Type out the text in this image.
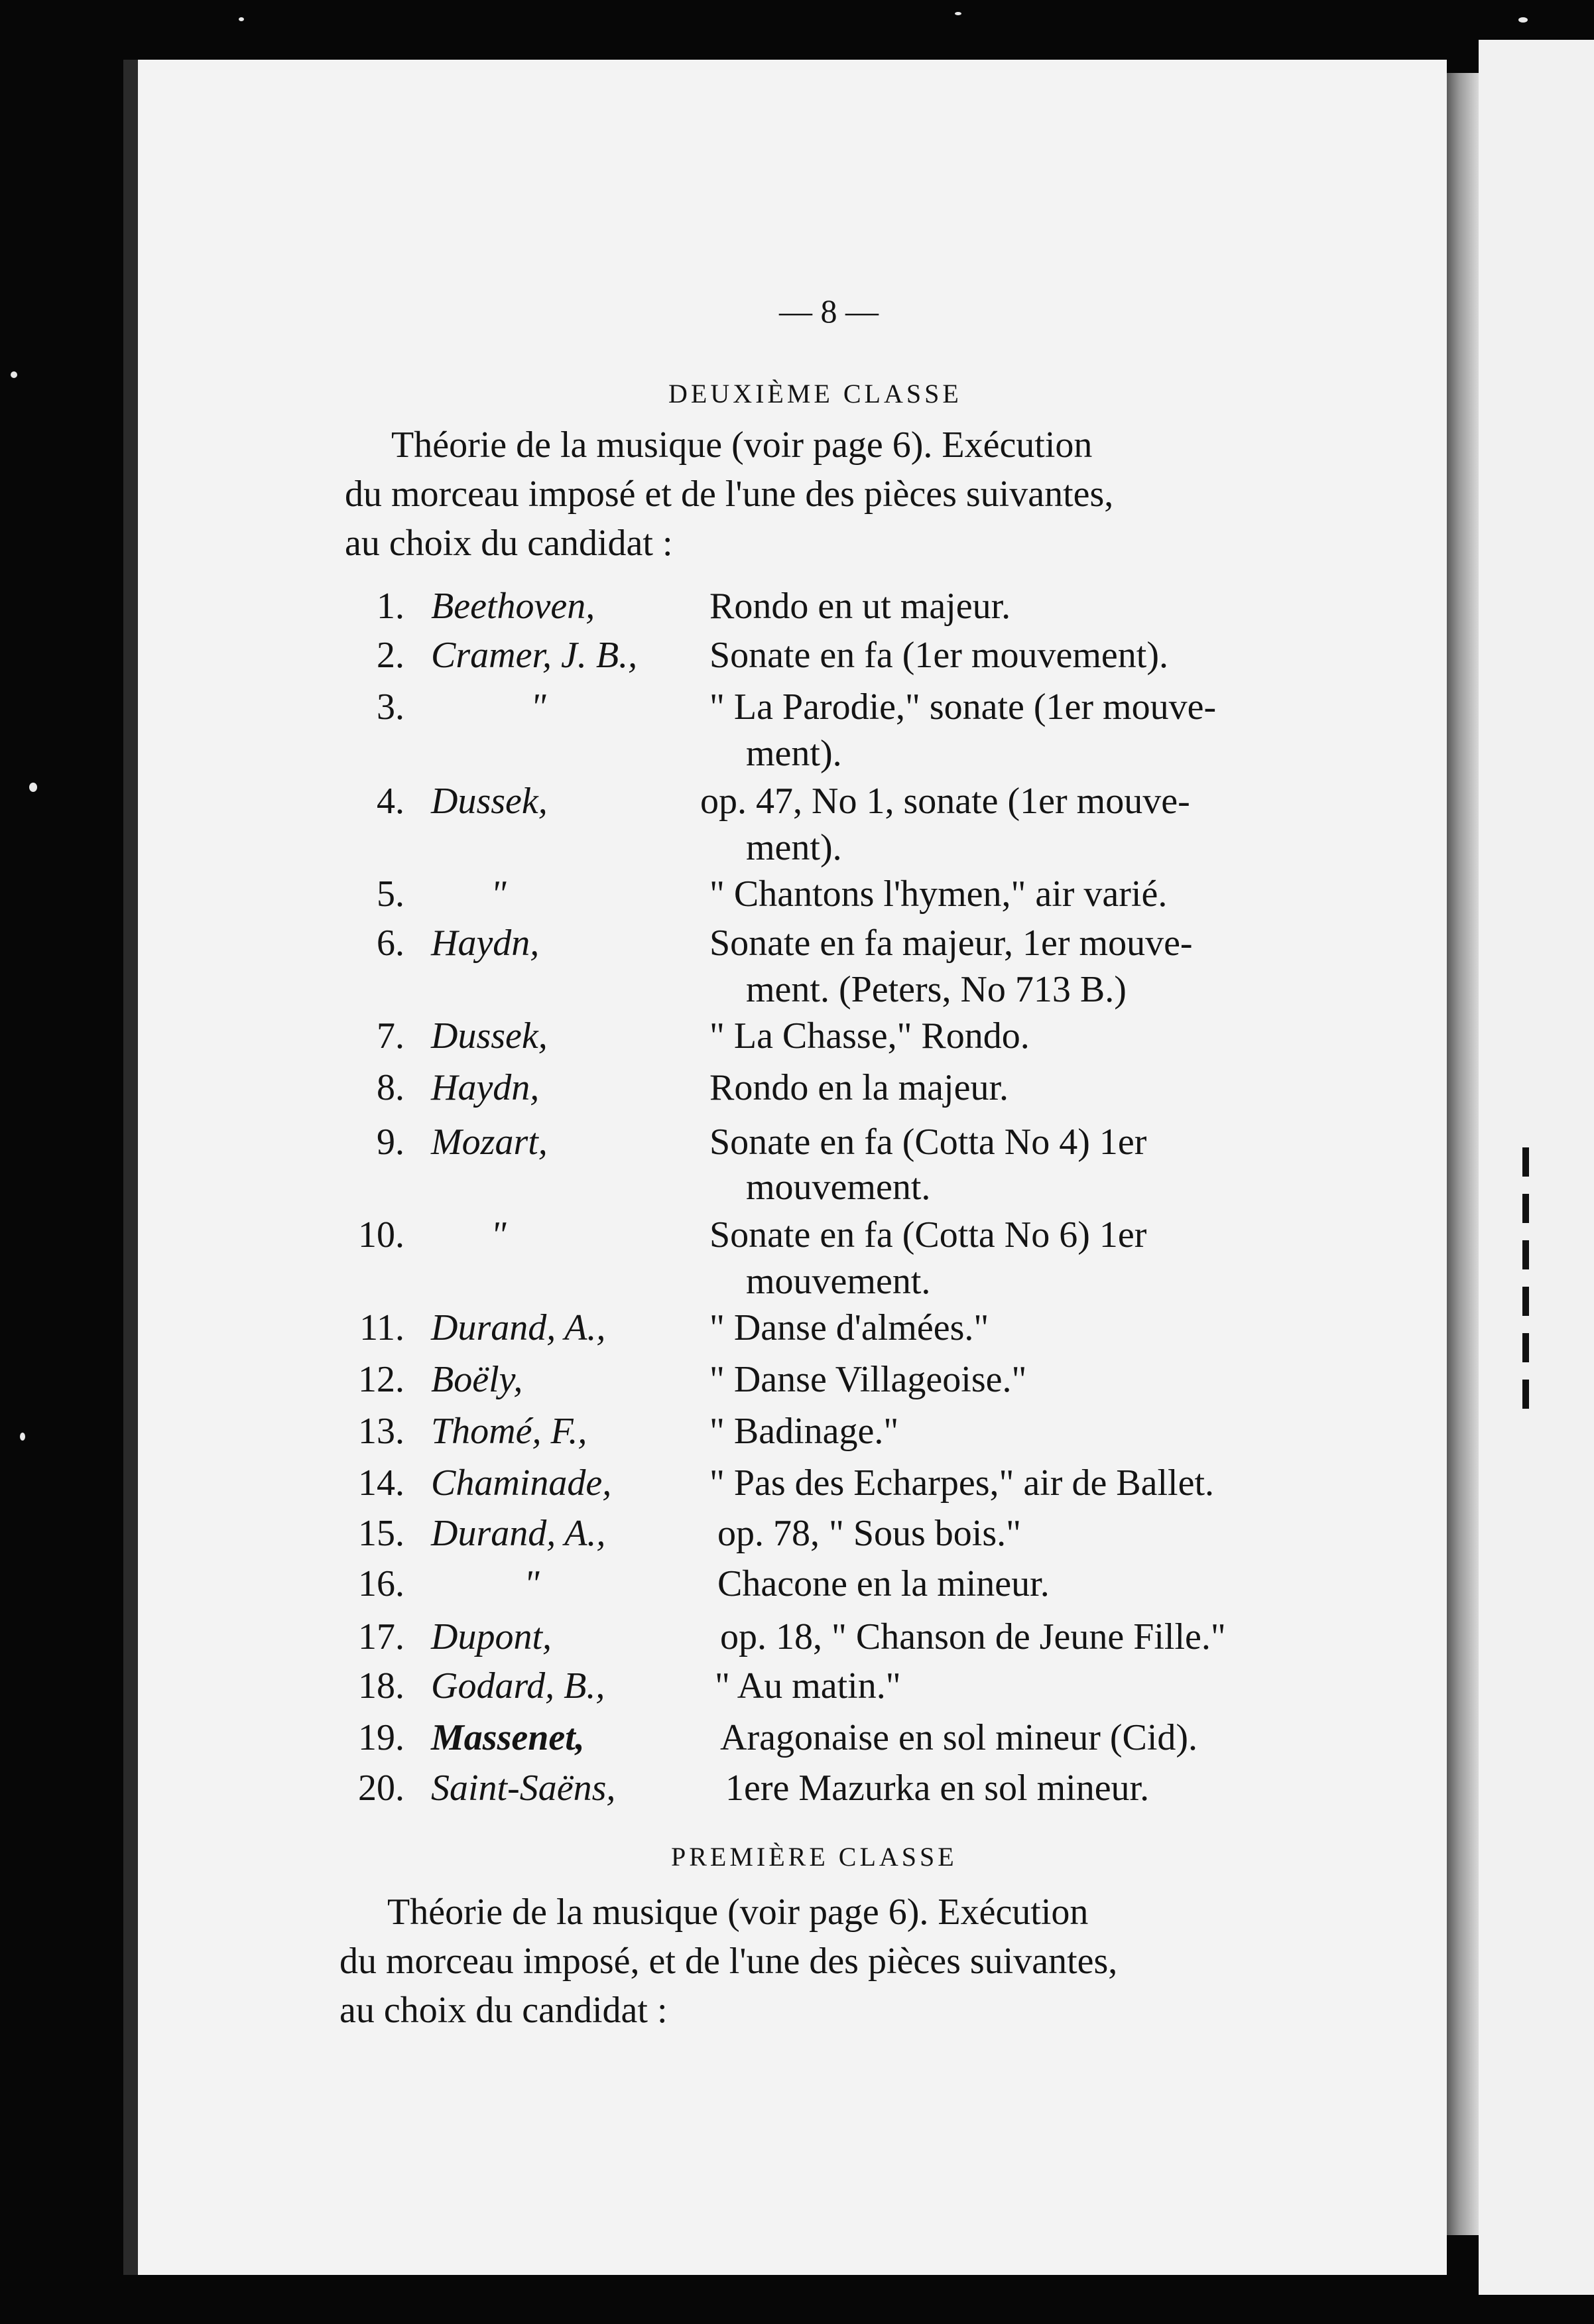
— 8 —
DEUXIÈME CLASSE
Théorie de la musique (voir page 6). Exécution
du morceau imposé et de l'une des pièces suivantes,
au choix du candidat :
1. Beethoven,	Rondo en ut majeur.
2. Cramer, J. B., Sonate en fa (1er mouvement).
3.	"	" La Parodie," sonate (1er mouve-
ment).
4. Dussek,	op. 47, No 1, sonate (1er mouve-
ment).
5. "	" Chantons l'hymen," air varié.
6. Haydn,	Sonate en fa majeur, 1er mouve-
ment. (Peters, No 713 B.)
7. Dussek,	" La Chasse," Rondo.
8. Haydn,	Rondo en la majeur.
9. Mozart,	Sonate en fa (Cotta No 4) 1er
mouvement.
10. "	Sonate en fa (Cotta No 6) 1er
mouvement.
11. Durand, A.,	" Danse d'almées."
12. Boëly,	" Danse Villageoise."
13. Thomé, F.,	" Badinage."
14. Chaminade,	" Pas des Echarpes," air de Ballet.
15. Durand, A.,	op. 78, " Sous bois."
16.	"	Chacone en la mineur.
17. Dupont,	op. 18, " Chanson de Jeune Fille."
18. Godard, B.,	" Au matin."
19. Massenet,	Aragonaise en sol mineur (Cid).
20. Saint-Saëns,	1ere Mazurka en sol mineur.
PREMIÈRE CLASSE
Théorie de la musique (voir page 6). Exécution
du morceau imposé, et de l'une des pièces suivantes,
au choix du candidat :
